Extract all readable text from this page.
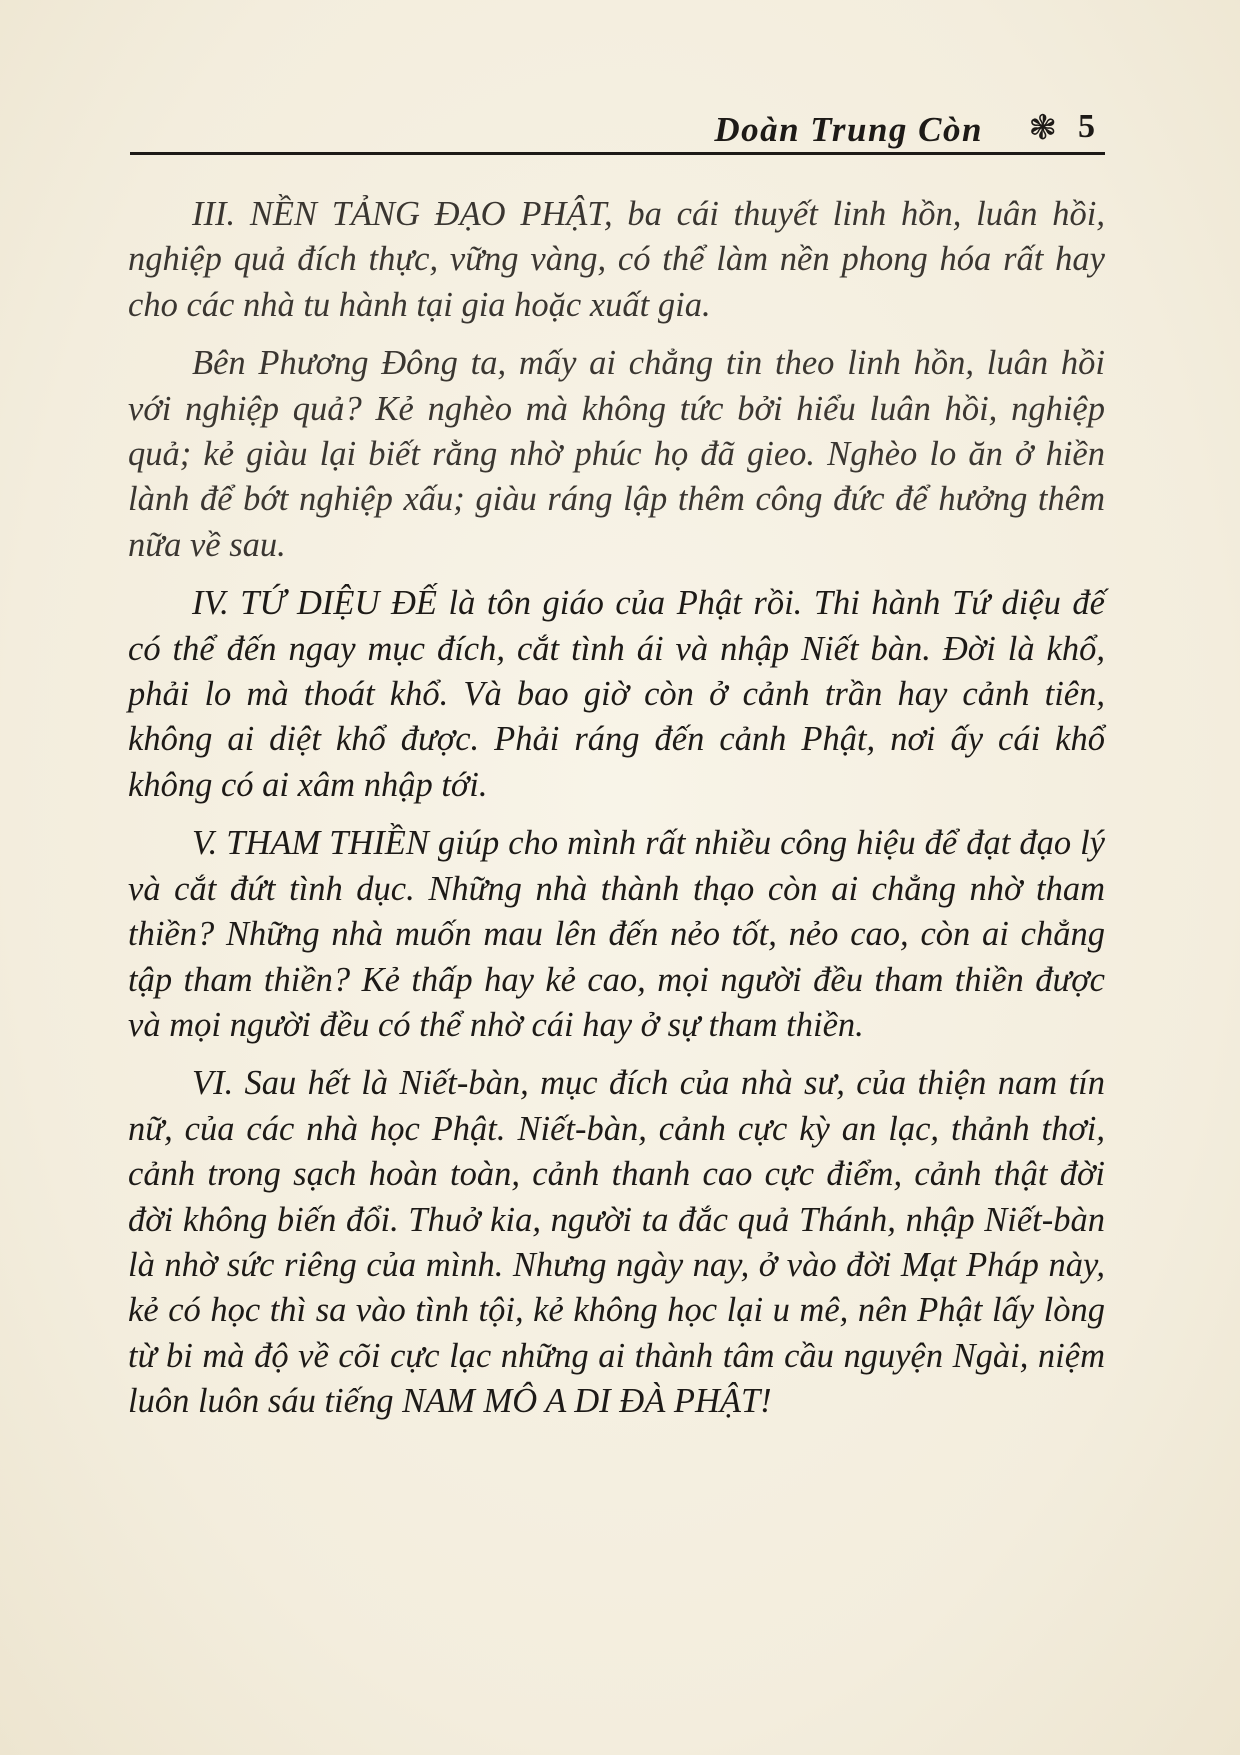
Doàn Trung Còn ❃ 5

III. NỀN TẢNG ĐẠO PHẬT, ba cái thuyết linh hồn, luân hồi, nghiệp quả đích thực, vững vàng, có thể làm nền phong hóa rất hay cho các nhà tu hành tại gia hoặc xuất gia.

Bên Phương Đông ta, mấy ai chẳng tin theo linh hồn, luân hồi với nghiệp quả? Kẻ nghèo mà không tức bởi hiểu luân hồi, nghiệp quả; kẻ giàu lại biết rằng nhờ phúc họ đã gieo. Nghèo lo ăn ở hiền lành để bớt nghiệp xấu; giàu ráng lập thêm công đức để hưởng thêm nữa về sau.

IV. TỨ DIỆU ĐẾ là tôn giáo của Phật rồi. Thi hành Tứ diệu đế có thể đến ngay mục đích, cắt tình ái và nhập Niết bàn. Đời là khổ, phải lo mà thoát khổ. Và bao giờ còn ở cảnh trần hay cảnh tiên, không ai diệt khổ được. Phải ráng đến cảnh Phật, nơi ấy cái khổ không có ai xâm nhập tới.

V. THAM THIỀN giúp cho mình rất nhiều công hiệu để đạt đạo lý và cắt đứt tình dục. Những nhà thành thạo còn ai chẳng nhờ tham thiền? Những nhà muốn mau lên đến nẻo tốt, nẻo cao, còn ai chẳng tập tham thiền? Kẻ thấp hay kẻ cao, mọi người đều tham thiền được và mọi người đều có thể nhờ cái hay ở sự tham thiền.

VI. Sau hết là Niết-bàn, mục đích của nhà sư, của thiện nam tín nữ, của các nhà học Phật. Niết-bàn, cảnh cực kỳ an lạc, thảnh thơi, cảnh trong sạch hoàn toàn, cảnh thanh cao cực điểm, cảnh thật đời đời không biến đổi. Thuở kia, người ta đắc quả Thánh, nhập Niết-bàn là nhờ sức riêng của mình. Nhưng ngày nay, ở vào đời Mạt Pháp này, kẻ có học thì sa vào tình tội, kẻ không học lại u mê, nên Phật lấy lòng từ bi mà độ về cõi cực lạc những ai thành tâm cầu nguyện Ngài, niệm luôn luôn sáu tiếng NAM MÔ A DI ĐÀ PHẬT!
